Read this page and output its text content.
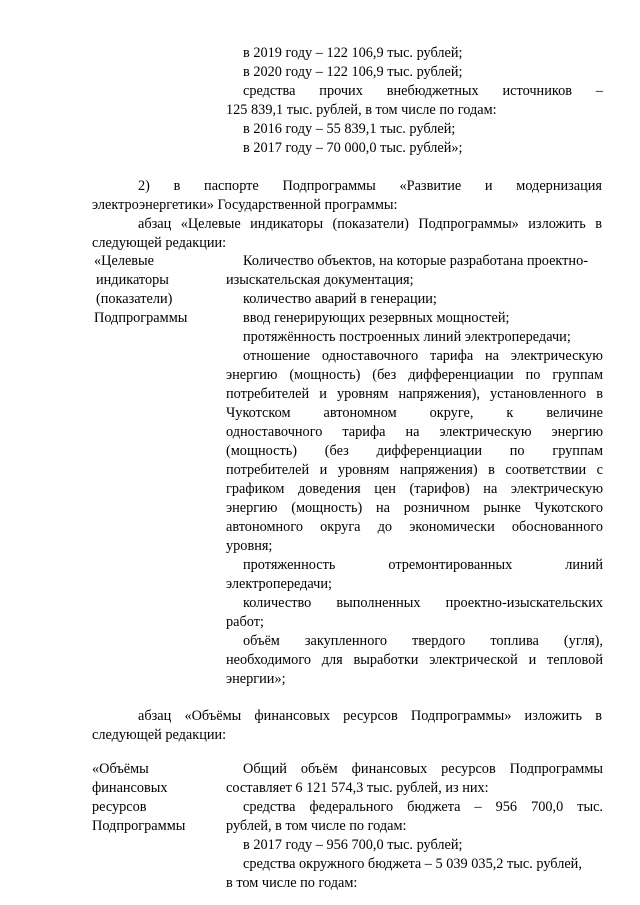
в 2019 году – 122 106,9 тыс. рублей;
в 2020 году – 122 106,9 тыс. рублей;
средства прочих внебюджетных источников –
125 839,1 тыс. рублей, в том числе по годам:
в 2016 году – 55 839,1 тыс. рублей;
в 2017 году – 70 000,0 тыс. рублей»;
2) в паспорте Подпрограммы «Развитие и модернизация
электроэнергетики» Государственной программы:
абзац «Целевые индикаторы (показатели) Подпрограммы» изложить в
следующей редакции:
«Целевые
индикаторы
(показатели)
Подпрограммы
Количество объектов, на которые разработана проектно-
изыскательская документация;
количество аварий в генерации;
ввод генерирующих резервных мощностей;
протяжённость построенных линий электропередачи;
отношение одноставочного тарифа на электрическую
энергию (мощность) (без дифференциации по группам
потребителей и уровням напряжения), установленного в
Чукотском автономном округе, к величине
одноставочного тарифа на электрическую энергию
(мощность) (без дифференциации по группам
потребителей и уровням напряжения) в соответствии с
графиком доведения цен (тарифов) на электрическую
энергию (мощность) на розничном рынке Чукотского
автономного округа до экономически обоснованного
уровня;
протяженность отремонтированных линий
электропередачи;
количество выполненных проектно-изыскательских
работ;
объём закупленного твердого топлива (угля),
необходимого для выработки электрической и тепловой
энергии»;
абзац «Объёмы финансовых ресурсов Подпрограммы» изложить в
следующей редакции:
«Объёмы
финансовых
ресурсов
Подпрограммы
Общий объём финансовых ресурсов Подпрограммы
составляет 6 121 574,3 тыс. рублей, из них:
средства федерального бюджета – 956 700,0 тыс.
рублей, в том числе по годам:
в 2017 году – 956 700,0 тыс. рублей;
средства окружного бюджета – 5 039 035,2 тыс. рублей,
в том числе по годам:
